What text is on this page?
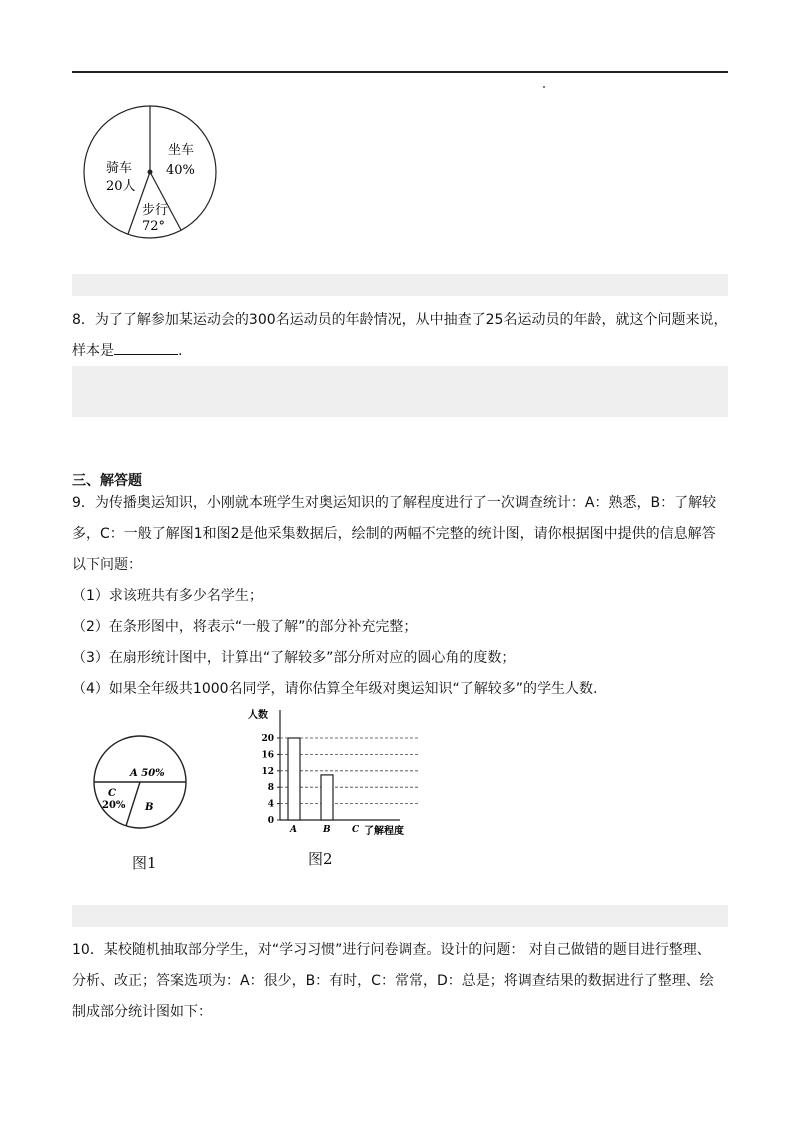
骑车
20人
坐车
40%
步行
72°
8．为了了解参加某运动会的300名运动员的年龄情况，从中抽查了25名运动员的年龄，就这个问题来说，
样本是	.
三、解答题
9．为传播奥运知识，小刚就本班学生对奥运知识的了解程度进行了一次调查统计：A：熟悉，B：了解较
多，C：一般了解图1和图2是他采集数据后，绘制的两幅不完整的统计图，请你根据图中提供的信息解答
以下问题：
（1）求该班共有多少名学生；
（2）在条形图中，将表示“一般了解”的部分补充完整；
（3）在扇形统计图中，计算出“了解较多”部分所对应的圆心角的度数；
（4）如果全年级共1000名同学，请你估算全年级对奥运知识“了解较多”的学生人数.
A 50%
C
20% B
图1
人数
了解程度
0
4
8
12
16
20
A	B C
图2
10．某校随机抽取部分学生，对“学习习惯”进行问卷调查。设计的问题： 对自己做错的题目进行整理、
分析、改正；答案选项为：A：很少，B：有时，C：常常，D：总是；将调查结果的数据进行了整理、绘
制成部分统计图如下：
